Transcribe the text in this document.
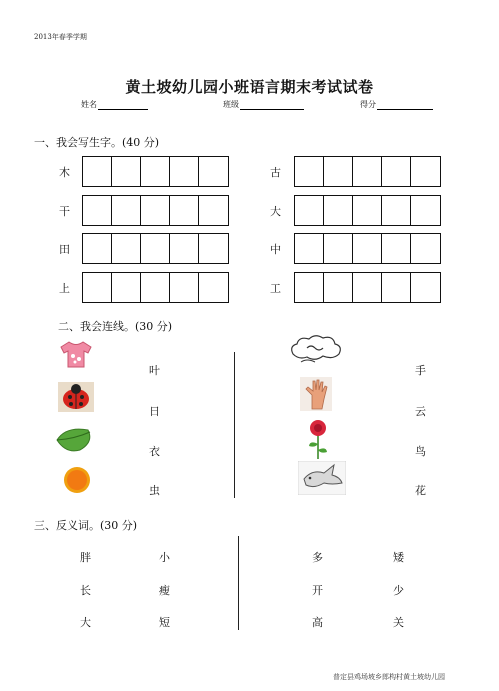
2013年春季学期
黄土坡幼儿园小班语言期末考试试卷
姓名	班级	得分
一、我会写生字。(40 分)
木
干
田
上
古
大
中
工
二、我会连线。(30 分)
叶
日
衣
虫
手
云
鸟
花
三、反义词。(30 分)
胖	小
长	瘦
大	短
多	矮
开	少
高	关
普定县鸡场坡乡郎构村黄土坡幼儿园
